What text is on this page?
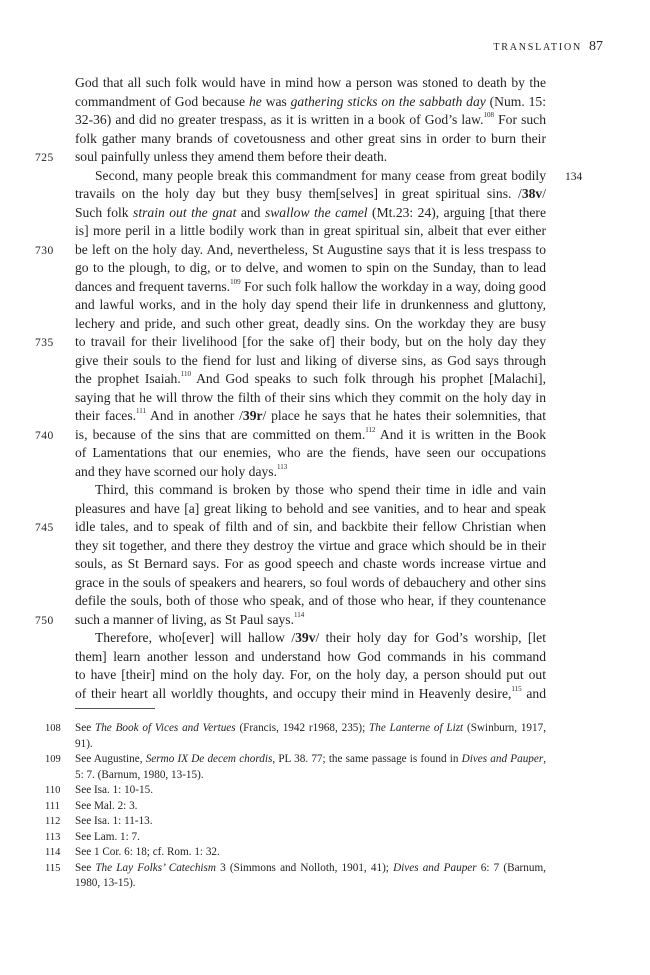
TRANSLATION 87
God that all such folk would have in mind how a person was stoned to death by the
commandment of God because he was gathering sticks on the sabbath day (Num. 15:
32-36) and did no greater trespass, as it is written in a book of God’s law.$^{108}$ For such
folk gather many brands of covetousness and other great sins in order to burn their
soul painfully unless they amend them before their death.
725
Second, many people break this commandment for many cease from great bodily 134
travails on the holy day but they busy them[selves] in great spiritual sins. /38v/
Such folk strain out the gnat and swallow the camel (Mt.23: 24), arguing [that there
is] more peril in a little bodily work than in great spiritual sin, albeit that ever either
be left on the holy day. And, nevertheless, St Augustine says that it is less trespass to
730
go to the plough, to dig, or to delve, and women to spin on the Sunday, than to lead
dances and frequent taverns.$^{109}$ For such folk hallow the workday in a way, doing good
and lawful works, and in the holy day spend their life in drunkenness and gluttony,
lechery and pride, and such other great, deadly sins. On the workday they are busy
to travail for their livelihood [for the sake of] their body, but on the holy day they
735
give their souls to the fiend for lust and liking of diverse sins, as God says through
the prophet Isaiah.$^{110}$ And God speaks to such folk through his prophet [Malachi],
saying that he will throw the filth of their sins which they commit on the holy day in
their faces.$^{111}$ And in another /39r/ place he says that he hates their solemnities, that
is, because of the sins that are committed on them.$^{112}$ And it is written in the Book
740
of Lamentations that our enemies, who are the fiends, have seen our occupations
and they have scorned our holy days.$^{113}$
Third, this command is broken by those who spend their time in idle and vain
pleasures and have [a] great liking to behold and see vanities, and to hear and speak
idle tales, and to speak of filth and of sin, and backbite their fellow Christian when
745
they sit together, and there they destroy the virtue and grace which should be in their
souls, as St Bernard says. For as good speech and chaste words increase virtue and
grace in the souls of speakers and hearers, so foul words of debauchery and other sins
defile the souls, both of those who speak, and of those who hear, if they countenance
such a manner of living, as St Paul says.$^{114}$
750
Therefore, who[ever] will hallow /39v/ their holy day for God’s worship, [let
them] learn another lesson and understand how God commands in his command
to have [their] mind on the holy day. For, on the holy day, a person should put out
of their heart all worldly thoughts, and occupy their mind in Heavenly desire,$^{115}$ and
108	See The Book of Vices and Vertues (Francis, 1942 r1968, 235); The Lanterne of Lizt (Swinburn, 1917, 91).
109	See Augustine, Sermo IX De decem chordis, PL 38. 77; the same passage is found in Dives and Pauper, 5: 7. (Barnum, 1980, 13-15).
110	See Isa. 1: 10-15.
111	See Mal. 2: 3.
112	See Isa. 1: 11-13.
113	See Lam. 1: 7.
114	See 1 Cor. 6: 18; cf. Rom. 1: 32.
115	See The Lay Folks’ Catechism 3 (Simmons and Nolloth, 1901, 41); Dives and Pauper 6: 7 (Barnum, 1980, 13-15).
